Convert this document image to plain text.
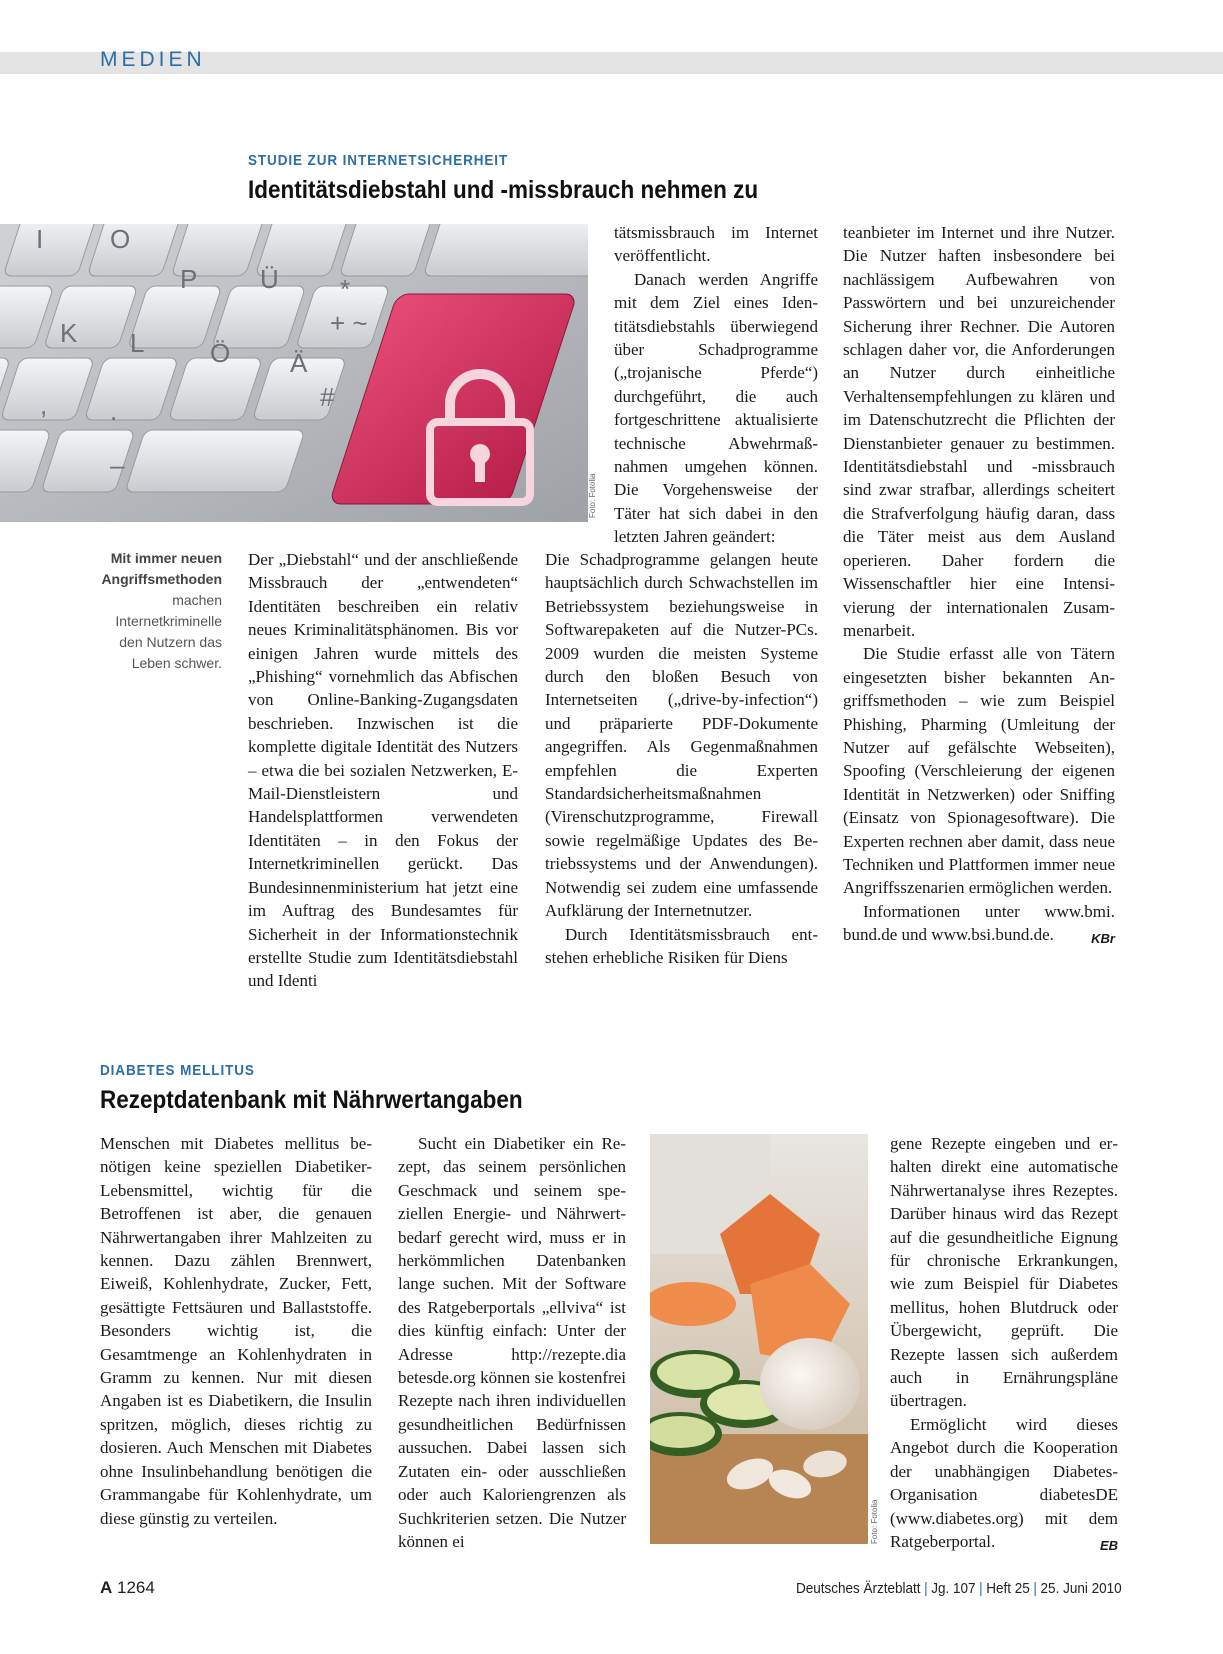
MEDIEN
STUDIE ZUR INTERNETSICHERHEIT
Identitätsdiebstahl und -missbrauch nehmen zu
I	O
P Ü *
K L	Ö Ä
#
, .
–
+ ~
Foto: Fotolia
Mit immer neuen Angriffsmethoden machen Internetkriminelle den Nutzern das Leben schwer.

Der „Diebstahl“ und der anschließende Missbrauch der „entwendeten“ Identitäten beschreiben ein relativ neues Kriminalitätsphänomen. Bis vor einigen Jahren wurde mittels des „Phishing“ vornehmlich das Abfischen von Online-Banking-Zugangsdaten beschrieben. Inzwischen ist die komplette digitale Identität des Nutzers – etwa die bei sozialen Netzwerken, E-Mail-Dienstleistern und Handelsplattformen verwendeten Identitäten – in den Fokus der Internetkriminellen gerückt. Das Bundesinnenministerium hat jetzt eine im Auftrag des Bundesamtes für Sicherheit in der Informationstechnik erstellte Studie zum Identitätsdiebstahl und Identi

tätsmissbrauch im Internet veröffentlicht.

Danach werden Angriffe mit dem Ziel eines Identitätsdiebstahls überwiegend über Schadprogramme („trojanische Pferde“) durchgeführt, die auch fortgeschrittene aktualisierte technische Abwehrmaßnahmen umgehen können. Die Vorgehensweise der Täter hat sich dabei in den letzten Jahren geändert:

Die Schadprogramme gelangen heute hauptsächlich durch Schwachstellen im Betriebssystem beziehungsweise in Softwarepaketen auf die Nutzer-PCs. 2009 wurden die meisten Systeme durch den bloßen Besuch von Internetseiten („drive-by-infection“) und präparierte PDF-Dokumente angegriffen. Als Gegenmaßnahmen empfehlen die Experten Standardsicherheitsmaßnahmen (Virenschutzprogramme, Firewall sowie regelmäßige Updates des Betriebssystems und der Anwendungen). Notwendig sei zudem eine umfassende Aufklärung der Internetnutzer.

Durch Identitätsmissbrauch entstehen erhebliche Risiken für Diens

teanbieter im Internet und ihre Nutzer. Die Nutzer haften insbesondere bei nachlässigem Aufbewahren von Passwörtern und bei unzureichender Sicherung ihrer Rechner. Die Autoren schlagen daher vor, die Anforderungen an Nutzer durch einheitliche Verhaltensempfehlungen zu klären und im Datenschutzrecht die Pflichten der Dienstanbieter genauer zu bestimmen. Identitätsdiebstahl und -missbrauch sind zwar strafbar, allerdings scheitert die Strafverfolgung häufig daran, dass die Täter meist aus dem Ausland operieren. Daher fordern die Wissenschaftler hier eine Intensivierung der internationalen Zusammenarbeit.

Die Studie erfasst alle von Tätern eingesetzten bisher bekannten Angriffsmethoden – wie zum Beispiel Phishing, Pharming (Umleitung der Nutzer auf gefälschte Webseiten), Spoofing (Verschleierung der eigenen Identität in Netzwerken) oder Sniffing (Einsatz von Spionagesoftware). Die Experten rechnen aber damit, dass neue Techniken und Plattformen immer neue Angriffsszenarien ermöglichen werden.

Informationen unter www.bmi. bund.de und www.bsi.bund.de.	KBr

DIABETES MELLITUS
Rezeptdatenbank mit Nährwertangaben

Menschen mit Diabetes mellitus benötigen keine speziellen Diabetiker-Lebensmittel, wichtig für die Betroffenen ist aber, die genauen Nährwertangaben ihrer Mahlzeiten zu kennen. Dazu zählen Brennwert, Eiweiß, Kohlenhydrate, Zucker, Fett, gesättigte Fettsäuren und Ballaststoffe. Besonders wichtig ist, die Gesamtmenge an Kohlenhydraten in Gramm zu kennen. Nur mit diesen Angaben ist es Diabetikern, die Insulin spritzen, möglich, dieses richtig zu dosieren. Auch Menschen mit Diabetes ohne Insulinbehandlung benötigen die Grammangabe für Kohlenhydrate, um diese günstig zu verteilen.

Sucht ein Diabetiker ein Rezept, das seinem persönlichen Geschmack und seinem speziellen Energie- und Nährwertbedarf gerecht wird, muss er in herkömmlichen Datenbanken lange suchen. Mit der Software des Ratgeberportals „ellviva“ ist dies künftig einfach: Unter der Adresse http://rezepte.dia betesde.org können sie kostenfrei Rezepte nach ihren individuellen gesundheitlichen Bedürfnissen aussuchen. Dabei lassen sich Zutaten ein- oder ausschließen oder auch Kaloriengrenzen als Suchkriterien setzen. Die Nutzer können ei	Foto: Fotolia

gene Rezepte eingeben und erhalten direkt eine automatische Nährwertanalyse ihres Rezeptes. Darüber hinaus wird das Rezept auf die gesundheitliche Eignung für chronische Erkrankungen, wie zum Beispiel für Diabetes mellitus, hohen Blutdruck oder Übergewicht, geprüft. Die Rezepte lassen sich außerdem auch in Ernährungspläne übertragen.

Ermöglicht wird dieses Angebot durch die Kooperation der unabhängigen Diabetes-Organisation diabetesDE (www.diabetes.org) mit dem Ratgeberportal.	EB

A 1264	Deutsches Ärzteblatt | Jg. 107 | Heft 25 | 25. Juni 2010
